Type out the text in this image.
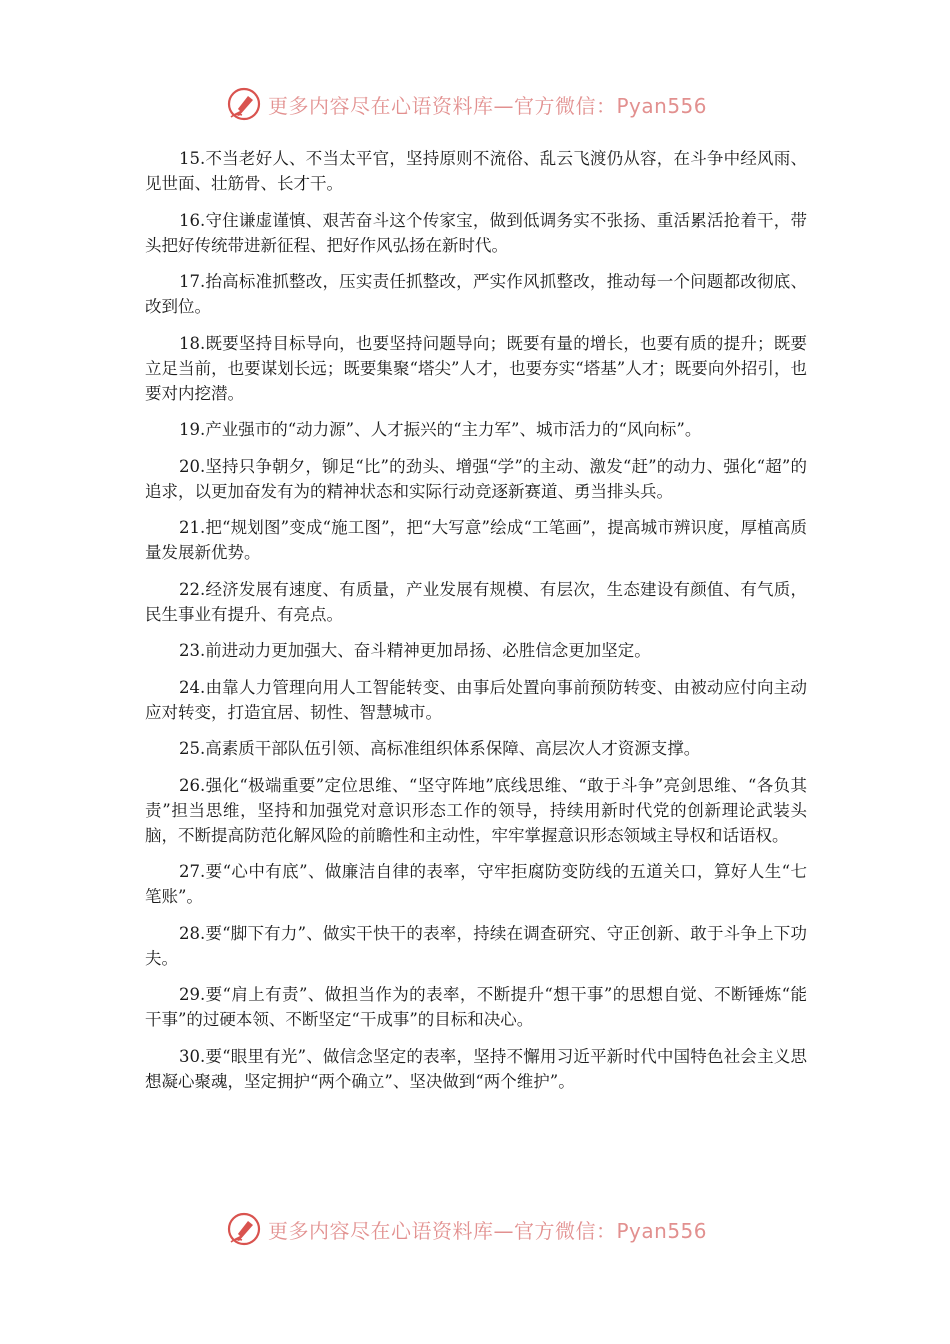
更多内容尽在心语资料库—官方微信：Pyan556

15.不当老好人、不当太平官，坚持原则不流俗、乱云飞渡仍从容，在斗争中经风雨、见世面、壮筋骨、长才干。

16.守住谦虚谨慎、艰苦奋斗这个传家宝，做到低调务实不张扬、重活累活抢着干，带头把好传统带进新征程、把好作风弘扬在新时代。

17.抬高标准抓整改，压实责任抓整改，严实作风抓整改，推动每一个问题都改彻底、改到位。

18.既要坚持目标导向，也要坚持问题导向；既要有量的增长，也要有质的提升；既要立足当前，也要谋划长远；既要集聚“塔尖”人才，也要夯实“塔基”人才；既要向外招引，也要对内挖潜。

19.产业强市的“动力源”、人才振兴的“主力军”、城市活力的“风向标”。

20.坚持只争朝夕，铆足“比”的劲头、增强“学”的主动、激发“赶”的动力、强化“超”的追求，以更加奋发有为的精神状态和实际行动竞逐新赛道、勇当排头兵。

21.把“规划图”变成“施工图”，把“大写意”绘成“工笔画”，提高城市辨识度，厚植高质量发展新优势。

22.经济发展有速度、有质量，产业发展有规模、有层次，生态建设有颜值、有气质，民生事业有提升、有亮点。

23.前进动力更加强大、奋斗精神更加昂扬、必胜信念更加坚定。

24.由靠人力管理向用人工智能转变、由事后处置向事前预防转变、由被动应付向主动应对转变，打造宜居、韧性、智慧城市。

25.高素质干部队伍引领、高标准组织体系保障、高层次人才资源支撑。

26.强化“极端重要”定位思维、“坚守阵地”底线思维、“敢于斗争”亮剑思维、“各负其责”担当思维，坚持和加强党对意识形态工作的领导，持续用新时代党的创新理论武装头脑，不断提高防范化解风险的前瞻性和主动性，牢牢掌握意识形态领域主导权和话语权。

27.要“心中有底”、做廉洁自律的表率，守牢拒腐防变防线的五道关口，算好人生“七笔账”。

28.要“脚下有力”、做实干快干的表率，持续在调查研究、守正创新、敢于斗争上下功夫。

29.要“肩上有责”、做担当作为的表率，不断提升“想干事”的思想自觉、不断锤炼“能干事”的过硬本领、不断坚定“干成事”的目标和决心。

30.要“眼里有光”、做信念坚定的表率，坚持不懈用习近平新时代中国特色社会主义思想凝心聚魂，坚定拥护“两个确立”、坚决做到“两个维护”。

更多内容尽在心语资料库—官方微信：Pyan556
